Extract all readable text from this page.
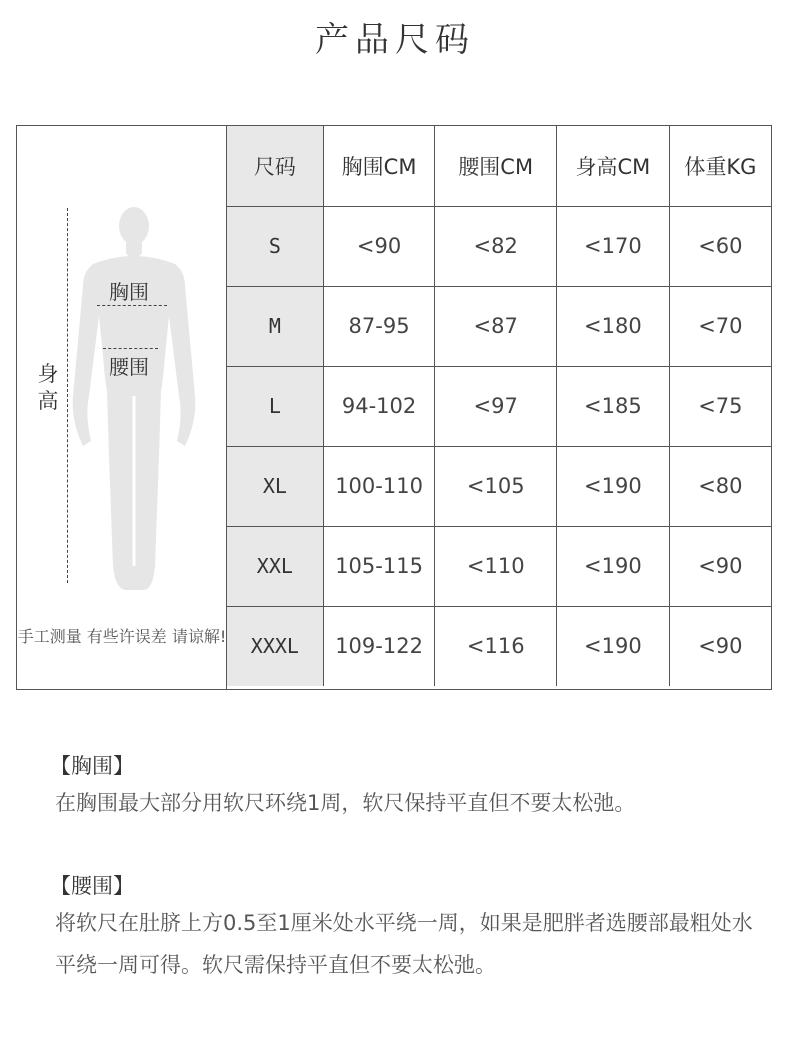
产品尺码
身高
胸围
腰围
手工测量 有些许误差 请谅解!
尺码	胸围CM	腰围CM	身高CM	体重KG
S	<90	<82	<170	<60
M	87-95	<87	<180	<70
L	94-102	<97	<185	<75
XL	100-110	<105	<190	<80
XXL	105-115	<110	<190	<90
XXXL	109-122	<116	<190	<90
【胸围】
在胸围最大部分用软尺环绕1周，软尺保持平直但不要太松弛。
【腰围】
将软尺在肚脐上方0.5至1厘米处水平绕一周，如果是肥胖者选腰部最粗处水平绕一周可得。软尺需保持平直但不要太松弛。
